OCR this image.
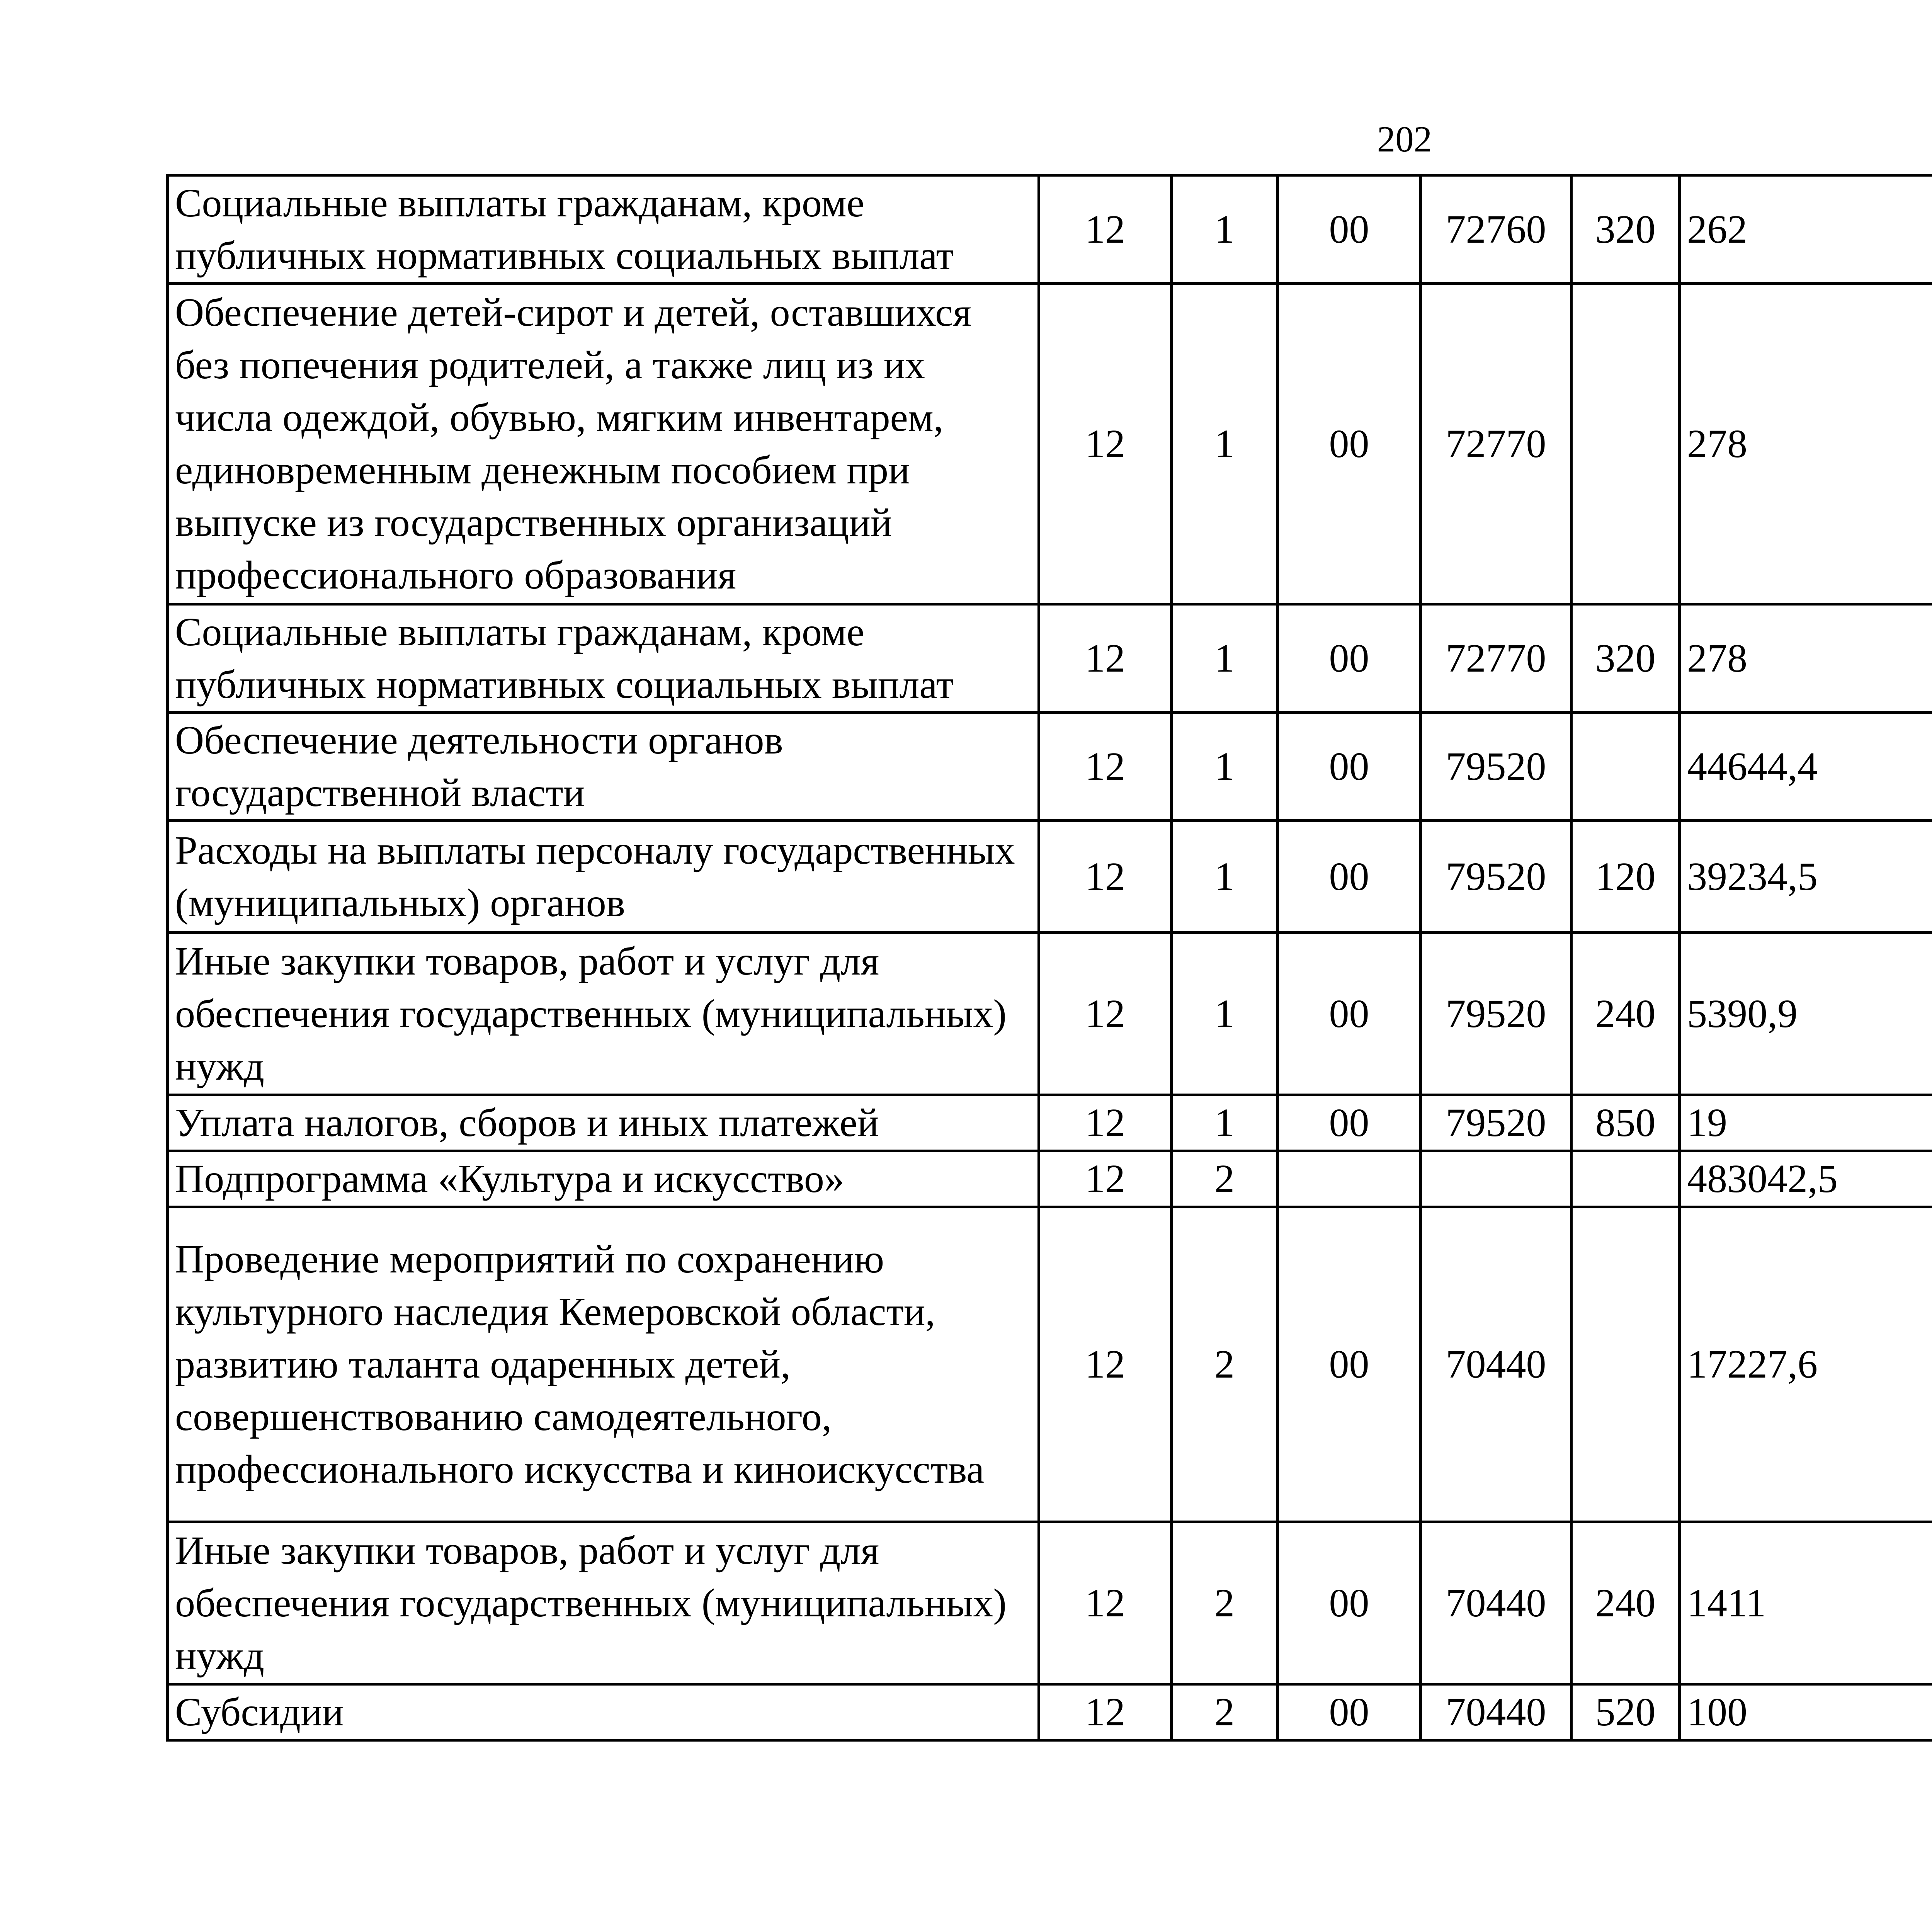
202
Социальные выплаты гражданам, кроме публичных нормативных социальных выплат	12	1	00	72760	320	262		
Обеспечение детей-сирот и детей, оставшихся без попечения родителей, а также лиц из их числа одеждой, обувью, мягким инвентарем, единовременным денежным пособием при выпуске из государственных организаций профессионального образования	12	1	00	72770		278		
Социальные выплаты гражданам, кроме публичных нормативных социальных выплат	12	1	00	72770	320	278		
Обеспечение деятельности органов государственной власти	12	1	00	79520		44644,4		
Расходы на выплаты персоналу государственных (муниципальных) органов	12	1	00	79520	120	39234,5		
Иные закупки товаров, работ и услуг для обеспечения государственных (муниципальных) нужд	12	1	00	79520	240	5390,9		
Уплата налогов, сборов и иных платежей	12	1	00	79520	850	19		
Подпрограмма «Культура и искусство»	12	2				483042,5		
Проведение мероприятий по сохранению культурного наследия Кемеровской области, развитию таланта одаренных детей, совершенствованию самодеятельного, профессионального искусства и киноискусства	12	2	00	70440		17227,6		
Иные закупки товаров, работ и услуг для обеспечения государственных (муниципальных) нужд	12	2	00	70440	240	1411		
Субсидии	12	2	00	70440	520	100		
